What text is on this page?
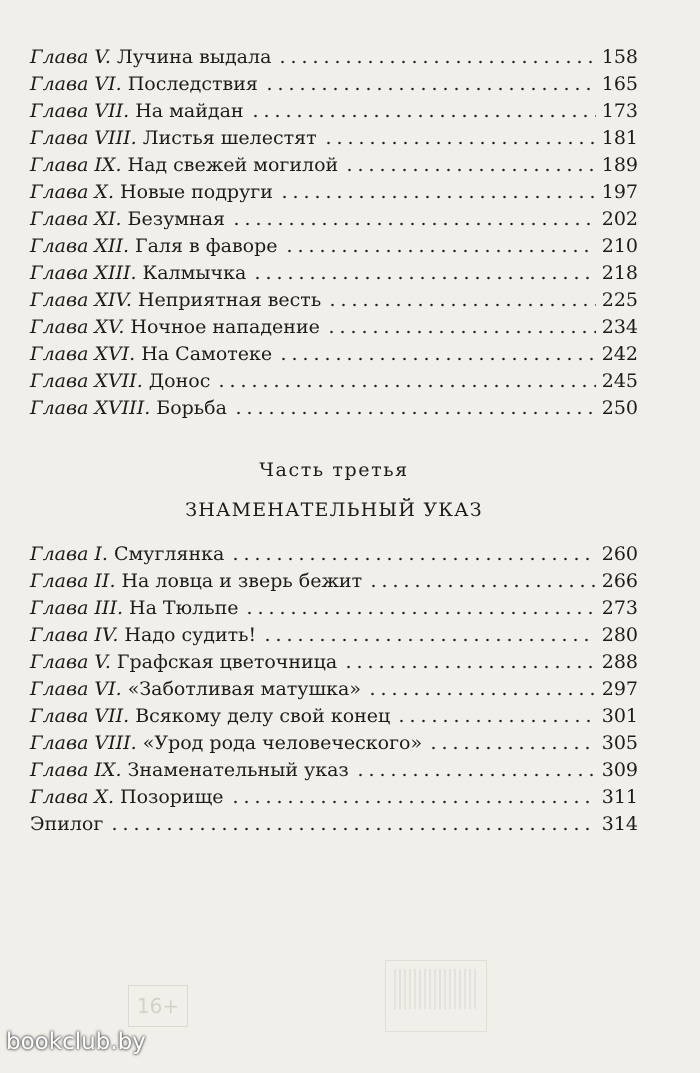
Глава V. Лучина выдала	158
Глава VI. Последствия	165
Глава VII. На майдан	173
Глава VIII. Листья шелестят	181
Глава IX. Над свежей могилой	189
Глава X. Новые подруги	197
Глава XI. Безумная	202
Глава XII. Галя в фаворе	210
Глава XIII. Калмычка	218
Глава XIV. Неприятная весть	225
Глава XV. Ночное нападение	234
Глава XVI. На Самотеке	242
Глава XVII. Донос	245
Глава XVIII. Борьба	250
Часть третья
ЗНАМЕНАТЕЛЬНЫЙ УКАЗ
Глава I. Смуглянка	260
Глава II. На ловца и зверь бежит	266
Глава III. На Тюльпе	273
Глава IV. Надо судить!	280
Глава V. Графская цветочница	288
Глава VI. «Заботливая матушка»	297
Глава VII. Всякому делу свой конец	301
Глава VIII. «Урод рода человеческого»	305
Глава IX. Знаменательный указ	309
Глава X. Позорище	311
Эпилог	314
16+
bookclub.by
